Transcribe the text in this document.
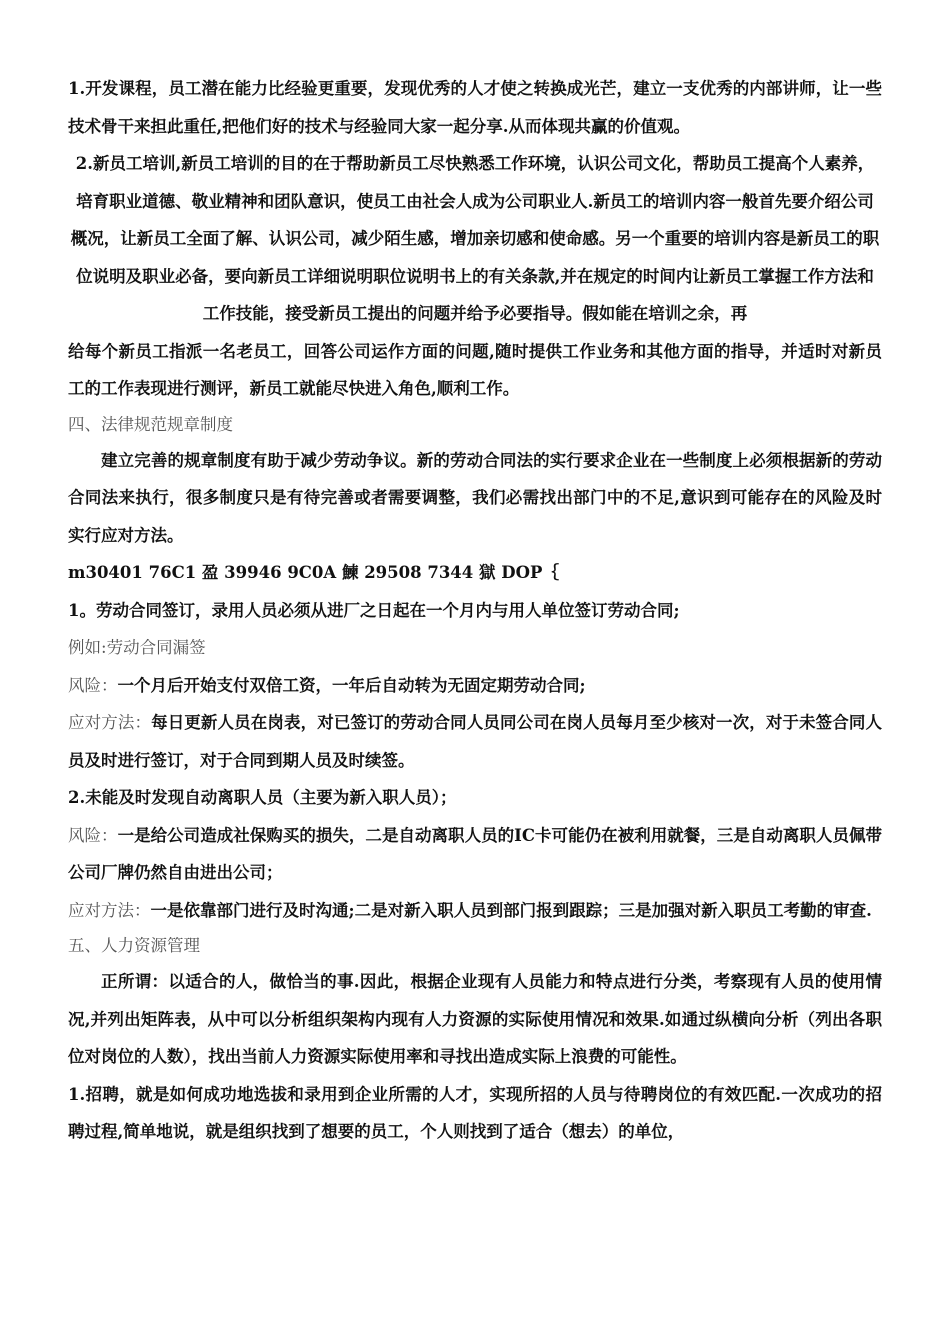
1.开发课程，员工潜在能力比经验更重要，发现优秀的人才使之转换成光芒，建立一支优秀的内部讲师，让一些技术骨干来担此重任,把他们好的技术与经验同大家一起分享.从而体现共赢的价值观。

2.新员工培训,新员工培训的目的在于帮助新员工尽快熟悉工作环境，认识公司文化，帮助员工提高个人素养，培育职业道德、敬业精神和团队意识，使员工由社会人成为公司职业人.新员工的培训内容一般首先要介绍公司概况，让新员工全面了解、认识公司，减少陌生感，增加亲切感和使命感。另一个重要的培训内容是新员工的职位说明及职业必备，要向新员工详细说明职位说明书上的有关条款,并在规定的时间内让新员工掌握工作方法和工作技能，接受新员工提出的问题并给予必要指导。假如能在培训之余，再

给每个新员工指派一名老员工，回答公司运作方面的问题,随时提供工作业务和其他方面的指导，并适时对新员工的工作表现进行测评，新员工就能尽快进入角色,顺利工作。

四、法律规范规章制度

建立完善的规章制度有助于减少劳动争议。新的劳动合同法的实行要求企业在一些制度上必须根据新的劳动合同法来执行，很多制度只是有待完善或者需要调整，我们必需找出部门中的不足,意识到可能存在的风险及时实行应对方法。

m30401 76C1 盈 39946 9C0A 鰊 29508 7344 獄 DOP｛

1。劳动合同签订，录用人员必须从进厂之日起在一个月内与用人单位签订劳动合同;

例如:劳动合同漏签

风险：一个月后开始支付双倍工资，一年后自动转为无固定期劳动合同;

应对方法：每日更新人员在岗表，对已签订的劳动合同人员同公司在岗人员每月至少核对一次，对于未签合同人员及时进行签订，对于合同到期人员及时续签。

2.未能及时发现自动离职人员（主要为新入职人员）；

风险：一是给公司造成社保购买的损失，二是自动离职人员的IC卡可能仍在被利用就餐，三是自动离职人员佩带公司厂牌仍然自由进出公司；

应对方法：一是依靠部门进行及时沟通;二是对新入职人员到部门报到跟踪；三是加强对新入职员工考勤的审查.

五、人力资源管理

正所谓：以适合的人，做恰当的事.因此，根据企业现有人员能力和特点进行分类，考察现有人员的使用情况,并列出矩阵表，从中可以分析组织架构内现有人力资源的实际使用情况和效果.如通过纵横向分析（列出各职位对岗位的人数），找出当前人力资源实际使用率和寻找出造成实际上浪费的可能性。

1.招聘，就是如何成功地选拔和录用到企业所需的人才，实现所招的人员与待聘岗位的有效匹配.一次成功的招聘过程,简单地说，就是组织找到了想要的员工，个人则找到了适合（想去）的单位，
